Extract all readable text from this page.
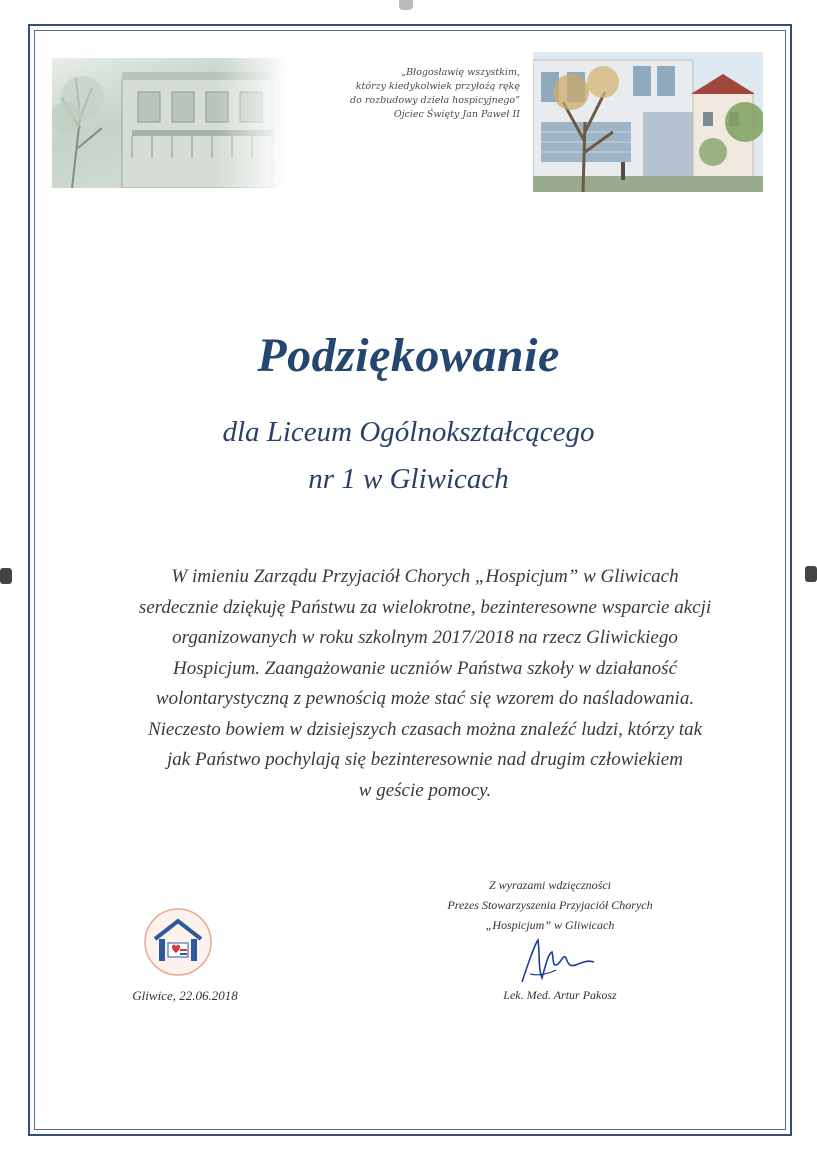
„Błogosławię wszystkim,
którzy kiedykolwiek przyłożą rękę
do rozbudowy dzieła hospicyjnego”
Ojciec Święty Jan Paweł II
Podziękowanie
dla Liceum Ogólnokształcącego
nr 1 w Gliwicach
W imieniu Zarządu Przyjaciół Chorych „Hospicjum” w Gliwicach
serdecznie dziękuję Państwu za wielokrotne, bezinteresowne wsparcie akcji
organizowanych w roku szkolnym 2017/2018 na rzecz Gliwickiego
Hospicjum. Zaangażowanie uczniów Państwa szkoły w działaność
wolontarystyczną z pewnością może stać się wzorem do naśladowania.
Nieczesto bowiem w dzisiejszych czasach można znaleźć ludzi, którzy tak
jak Państwo pochylają się bezinteresownie nad drugim człowiekiem
w geście pomocy.
Z wyrazami wdzięczności
Prezes Stowarzyszenia Przyjaciół Chorych
„Hospicjum” w Gliwicach
Lek. Med. Artur Pakosz
Gliwice, 22.06.2018
